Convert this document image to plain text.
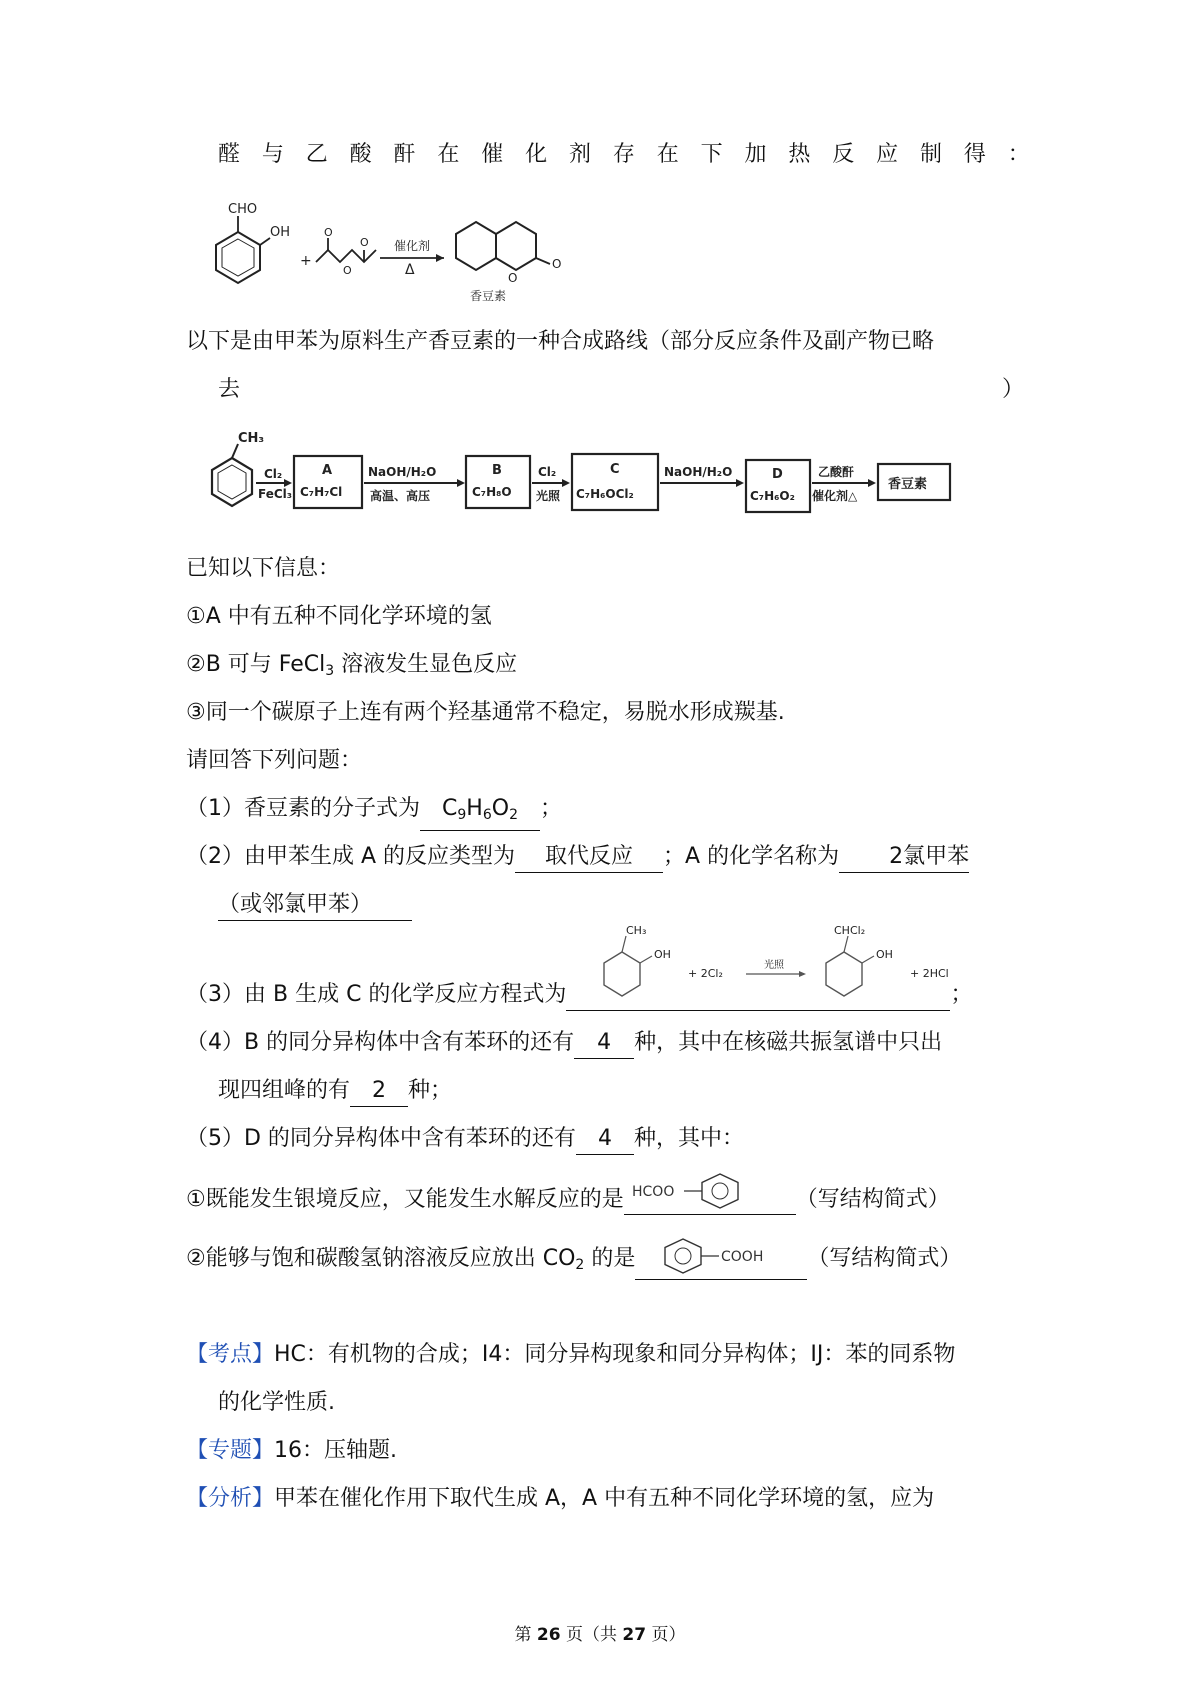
醛 与 乙 酸 酐 在 催 化 剂 存 在 下 加 热 反 应 制 得 ：
CHO
OH
+
O
O
O
催化剂
Δ	O
O
香豆素
以下是由甲苯为原料生产香豆素的一种合成路线（部分反应条件及副产物已略
去	）
CH₃
Cl₂
FeCl₃
A
C₇H₇Cl
NaOH/H₂O
高温、高压
B
C₇H₈O
Cl₂
光照
C
C₇H₆OCl₂
NaOH/H₂O	D
C₇H₆O₂
乙酸酐
催化剂△
香豆素
已知以下信息：
①A 中有五种不同化学环境的氢
②B 可与 FeCl$_3$ 溶液发生显色反应
③同一个碳原子上连有两个羟基通常不稳定，易脱水形成羰基.
请回答下列问题：
（1）香豆素的分子式为 $C_9H_6O_2$ ；
（2）由甲苯生成 A 的反应类型为 取代反应 ；A 的化学名称为 2氯甲苯
（或邻氯甲苯）
CH₃
OH
+ 2Cl₂
光照
CHCl₂
OH
+ 2HCl
（3）由 B 生成 C 的化学反应方程式为	；
（4）B 的同分异构体中含有苯环的还有 4 种，其中在核磁共振氢谱中只出
现四组峰的有 2 种；
（5）D 的同分异构体中含有苯环的还有 4 种，其中：
①既能发生银境反应，又能发生水解反应的是 HCOO	（写结构简式）
②能够与饱和碳酸氢钠溶液反应放出 $CO_2$ 的是	COOH （写结构简式）
【考点】HC：有机物的合成；I4：同分异构现象和同分异构体；IJ：苯的同系物
的化学性质.
【专题】16：压轴题.
【分析】甲苯在催化作用下取代生成 A，A 中有五种不同化学环境的氢，应为
第 26 页（共 27 页）
